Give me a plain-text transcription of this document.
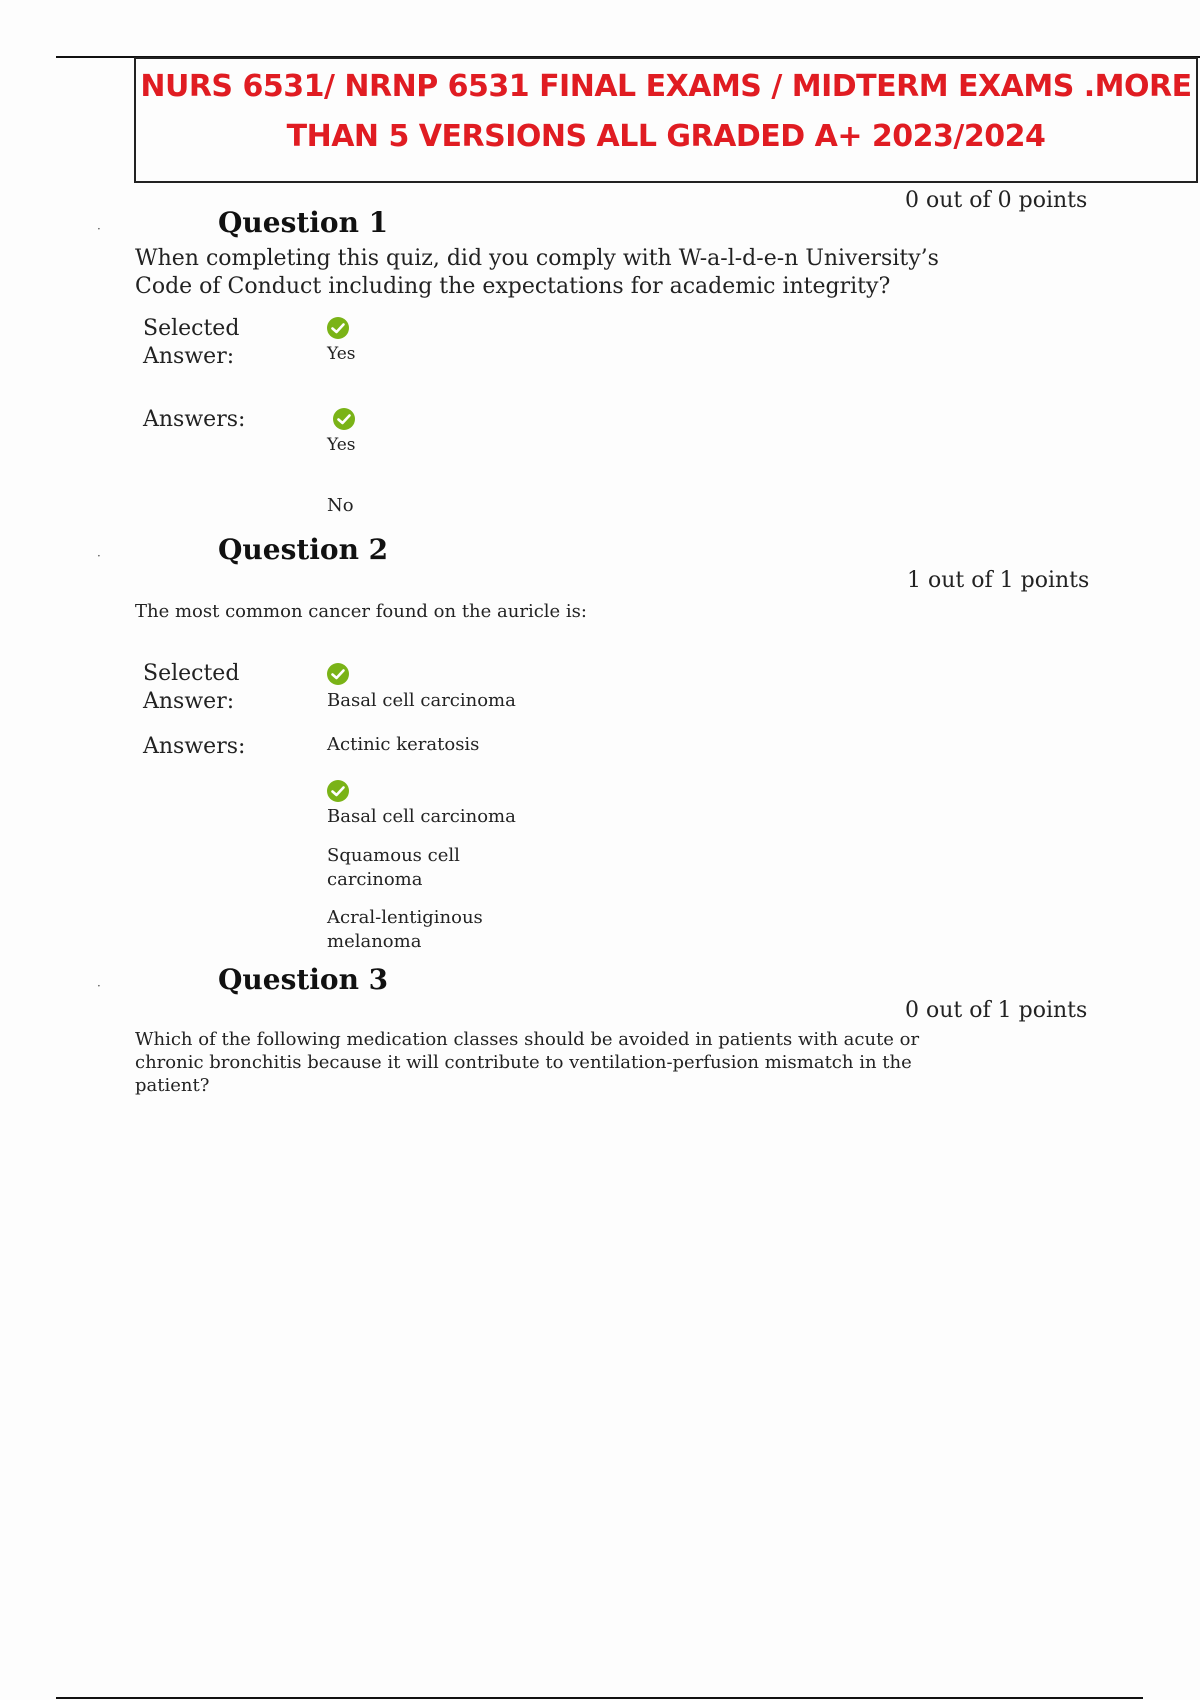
NURS 6531/ NRNP 6531 FINAL EXAMS / MIDTERM EXAMS .MORE
THAN 5 VERSIONS ALL GRADED A+ 2023/2024
·
0 out of 0 points
Question 1
When completing this quiz, did you comply with W-a-l-d-e-n University’s
Code of Conduct including the expectations for academic integrity?
Selected
Answer:	Yes
Answers:
Yes
No
·	Question 2
1 out of 1 points
The most common cancer found on the auricle is:
Selected
Answer:	Basal cell carcinoma
Answers:	Actinic keratosis
Basal cell carcinoma
Squamous cell carcinoma
Acral-lentiginous melanoma
·	Question 3
0 out of 1 points
Which of the following medication classes should be avoided in patients with acute or
chronic bronchitis because it will contribute to ventilation-perfusion mismatch in the
patient?
